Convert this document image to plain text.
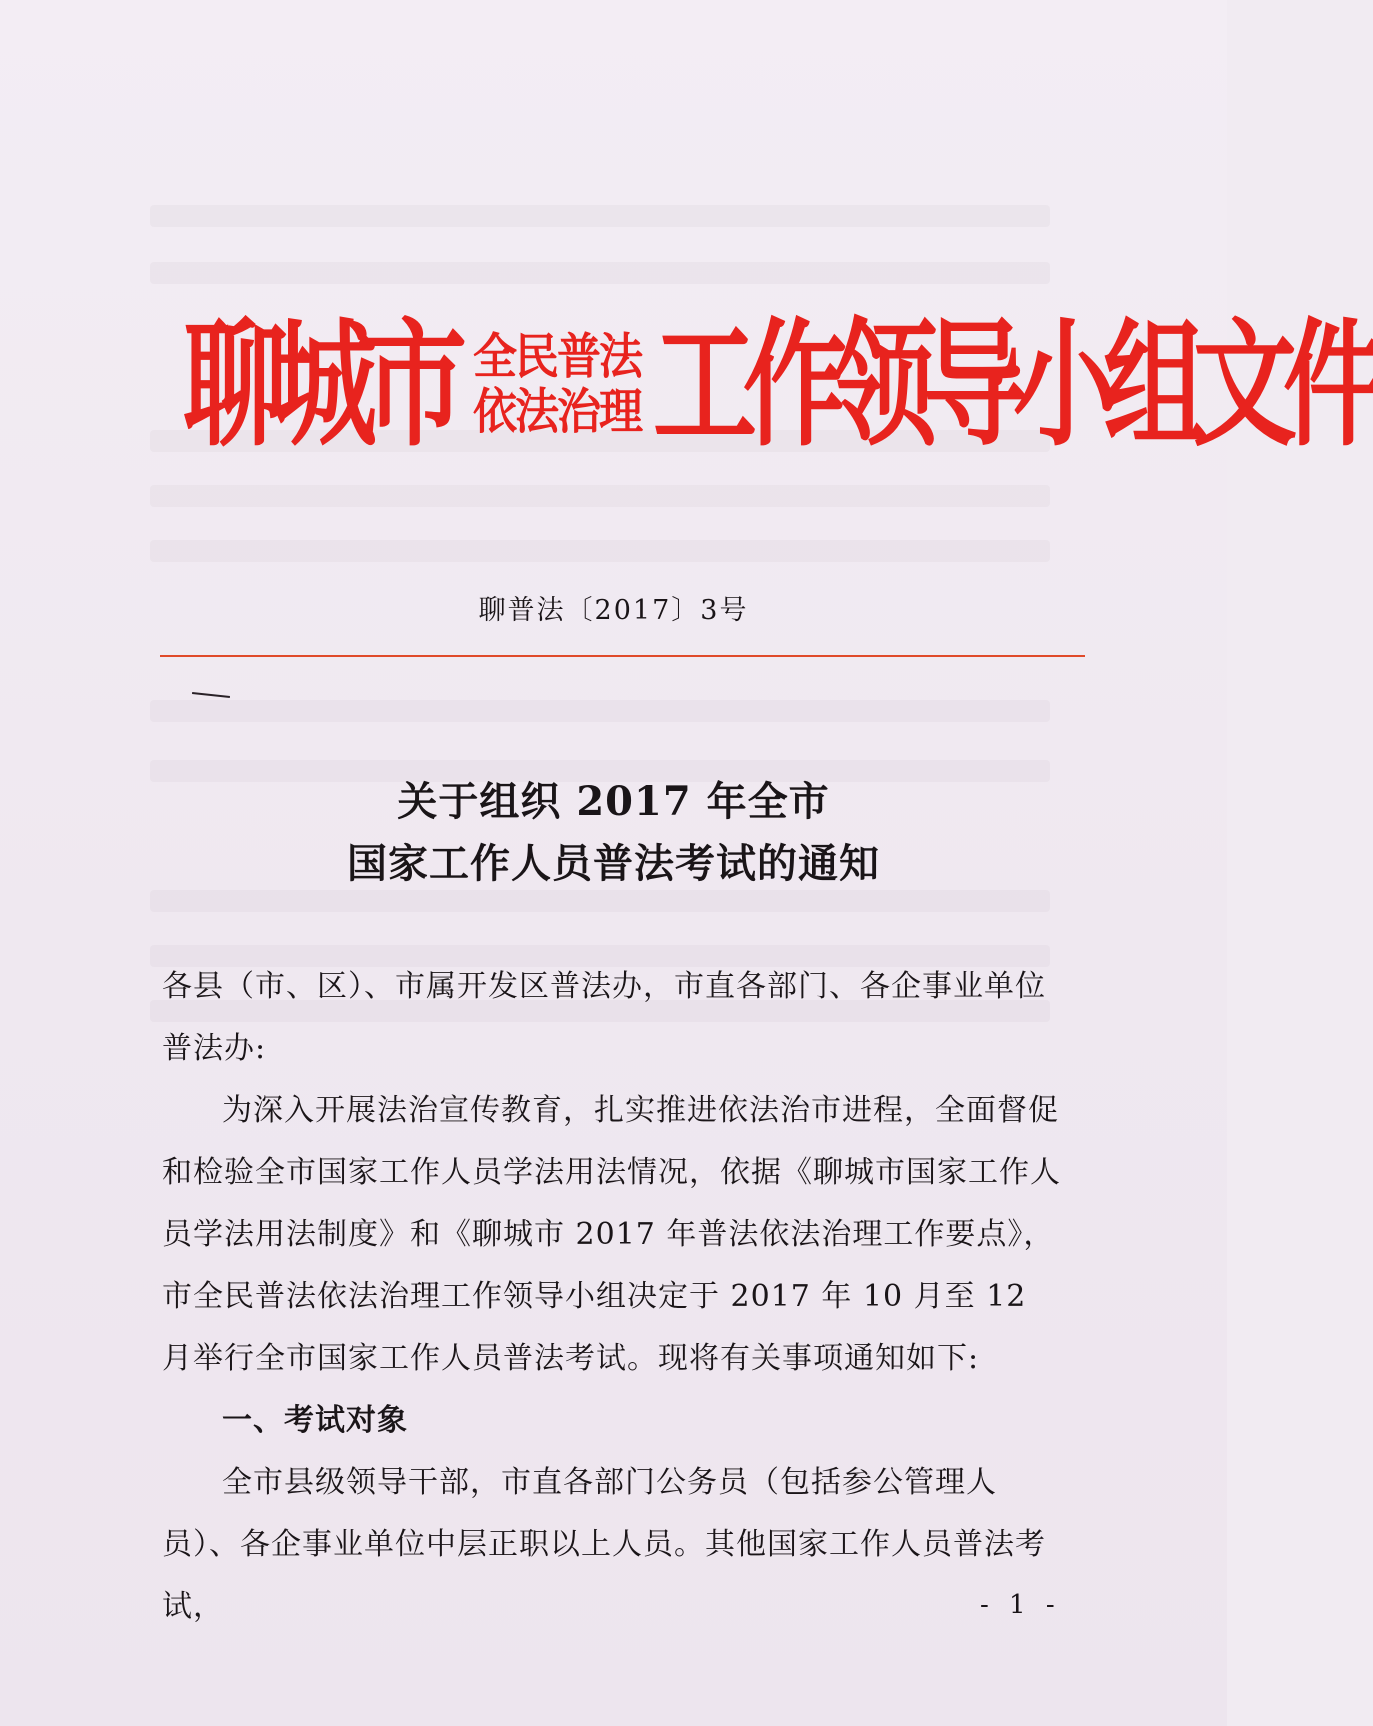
聊城市 全民普法
依法治理 工作领导小组文件
聊普法〔2017〕3号
关于组织 2017 年全市
国家工作人员普法考试的通知

各县（市、区）、市属开发区普法办，市直各部门、各企事业单位普法办:

为深入开展法治宣传教育，扎实推进依法治市进程，全面督促和检验全市国家工作人员学法用法情况，依据《聊城市国家工作人员学法用法制度》和《聊城市 2017 年普法依法治理工作要点》，市全民普法依法治理工作领导小组决定于 2017 年 10 月至 12 月举行全市国家工作人员普法考试。现将有关事项通知如下:

一、考试对象

全市县级领导干部，市直各部门公务员（包括参公管理人员）、各企事业单位中层正职以上人员。其他国家工作人员普法考试，	- 1 -
